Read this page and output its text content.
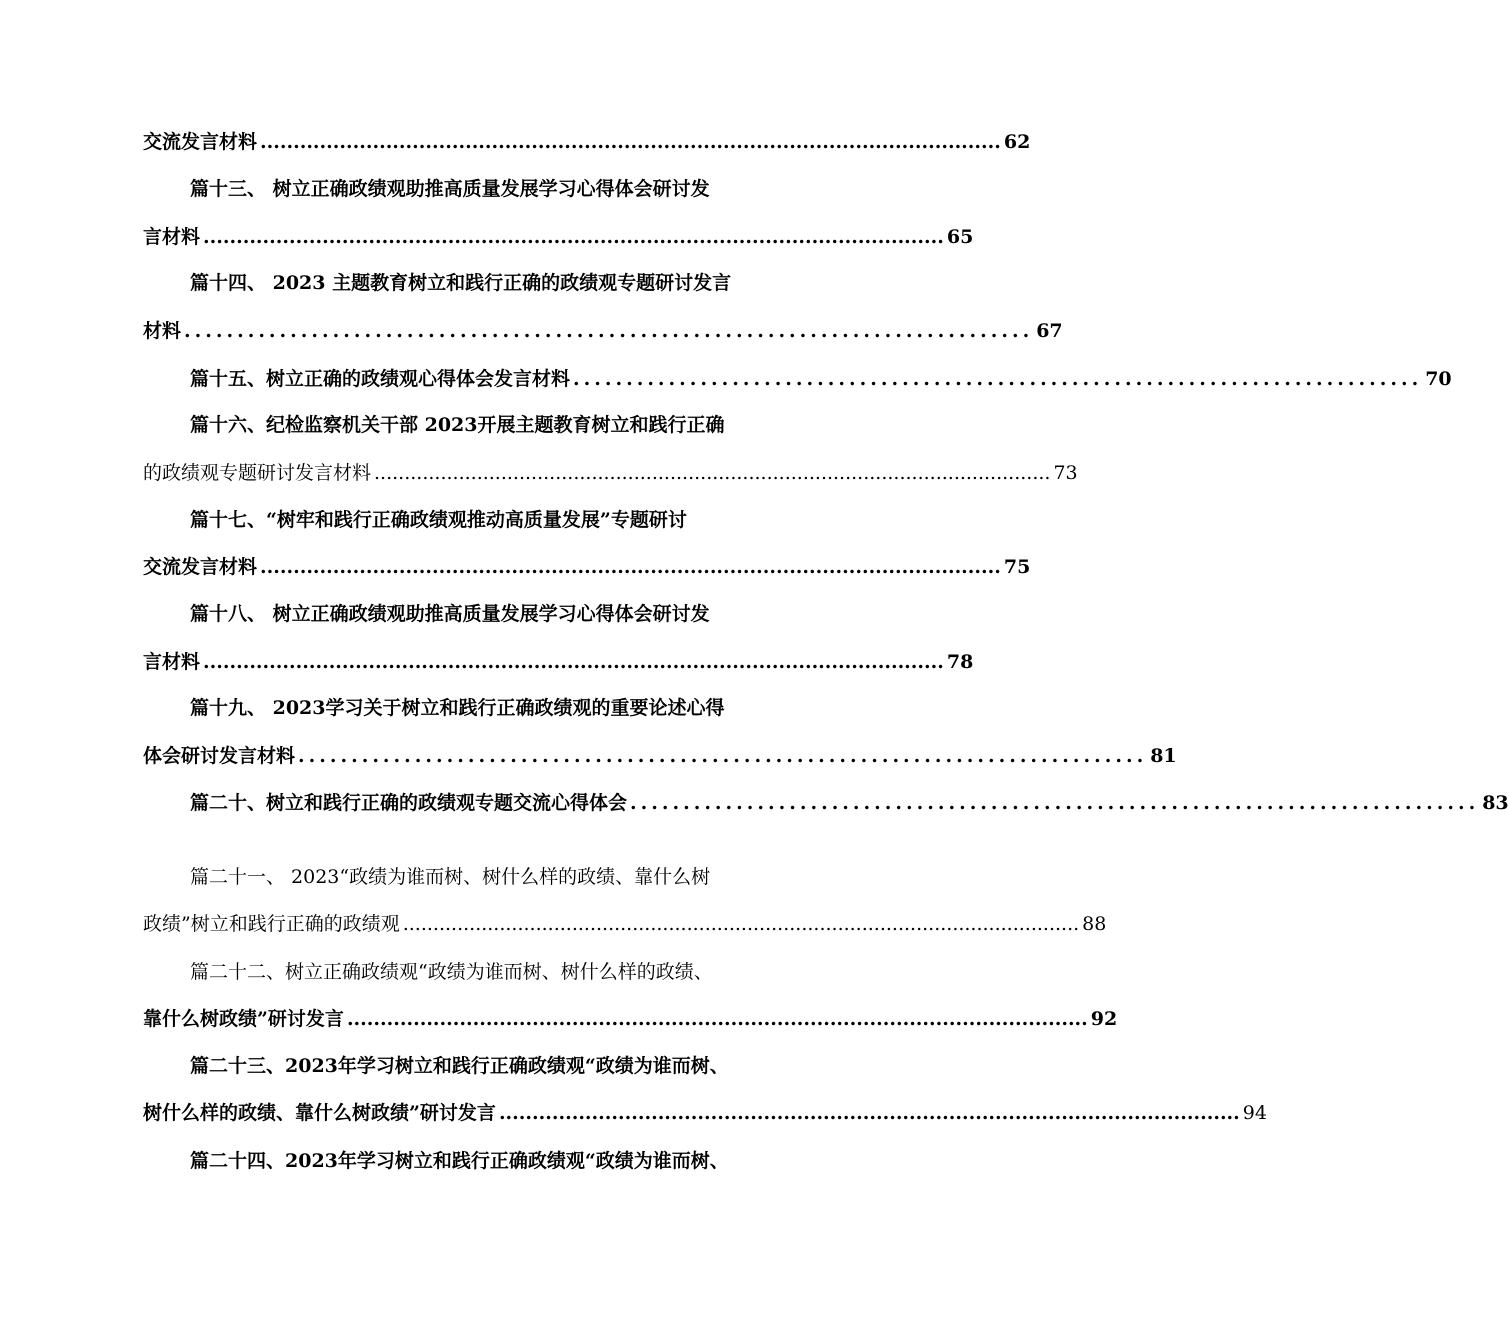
交流发言材料 ................................................................................................................ 62
篇十三、 树立正确政绩观助推高质量发展学习心得体会研讨发
言材料 ................................................................................................................ 65
篇十四、 2023 主题教育树立和践行正确的政绩观专题研讨发言
材料 ................................................................................ 67
篇十五、树立正确的政绩观心得体会发言材料 ................................................................................ 70
篇十六、纪检监察机关干部 2023开展主题教育树立和践行正确
的政绩观专题研讨发言材料 ................................................................................................................ 73
篇十七、“树牢和践行正确政绩观推动高质量发展”专题研讨
交流发言材料 ................................................................................................................ 75
篇十八、 树立正确政绩观助推高质量发展学习心得体会研讨发
言材料 ................................................................................................................ 78
篇十九、 2023学习关于树立和践行正确政绩观的重要论述心得
体会研讨发言材料 ................................................................................ 81
篇二十、树立和践行正确的政绩观专题交流心得体会 ................................................................................ 83
篇二十一、 2023“政绩为谁而树、树什么样的政绩、靠什么树
政绩”树立和践行正确的政绩观 ................................................................................................................ 88
篇二十二、树立正确政绩观“政绩为谁而树、树什么样的政绩、
靠什么树政绩”研讨发言 ................................................................................................................ 92
篇二十三、2023年学习树立和践行正确政绩观“政绩为谁而树、
树什么样的政绩、靠什么树政绩”研讨发言 ................................................................................................................ 94
篇二十四、2023年学习树立和践行正确政绩观“政绩为谁而树、
